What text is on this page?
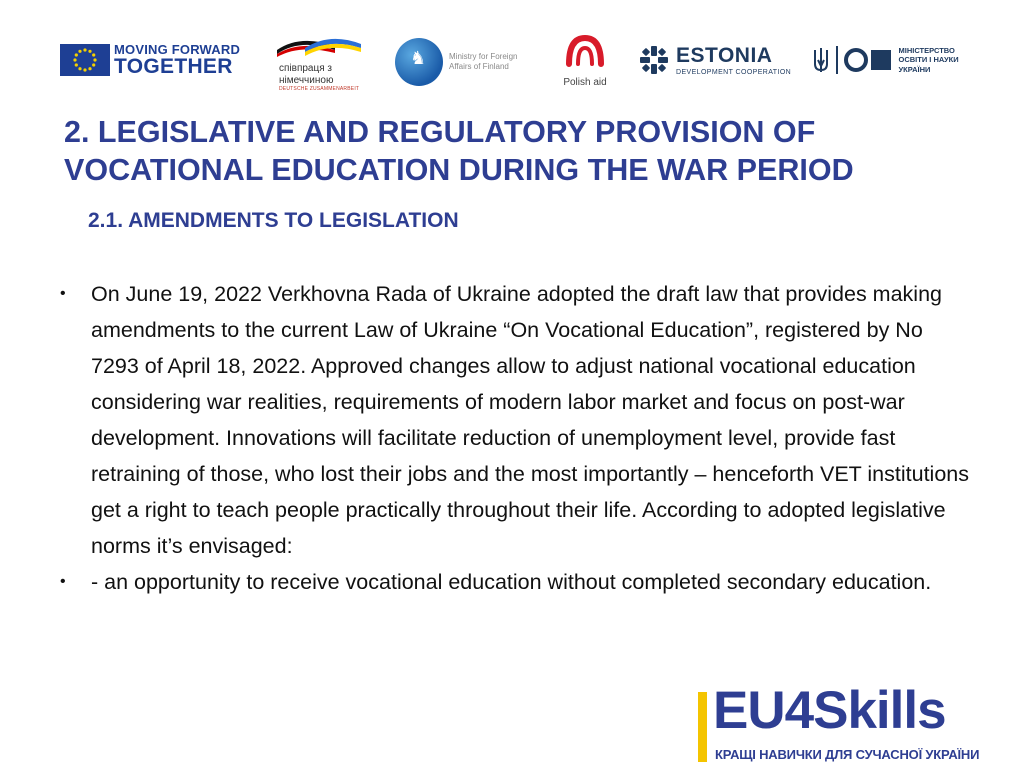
MOVING FORWARD
TOGETHER	співпраця з
німеччиною
DEUTSCHE ZUSAMMENARBEIT
♞	Ministry for Foreign
Affairs of Finland
Polish aid
ESTONIA
DEVELOPMENT COOPERATION
МІНІСТЕРСТВО
ОСВІТИ І НАУКИ
УКРАЇНИ
2. LEGISLATIVE AND REGULATORY PROVISION OF VOCATIONAL EDUCATION DURING THE WAR PERIOD
2.1. AMENDMENTS TO LEGISLATION
• On June 19, 2022 Verkhovna Rada of Ukraine adopted the draft law that provides making amendments to the current Law of Ukraine “On Vocational Education”, registered by No 7293 of April 18, 2022. Approved changes allow to adjust national vocational education considering war realities, requirements of modern labor market and focus on post-war development. Innovations will facilitate reduction of unemployment level, provide fast retraining of those, who lost their jobs and the most importantly – henceforth VET institutions get a right to teach people practically throughout their life. According to adopted legislative norms it’s envisaged:
• - an opportunity to receive vocational education without completed secondary education.
EU4Skills
КРАЩІ НАВИЧКИ ДЛЯ СУЧАСНОЇ УКРАЇНИ
